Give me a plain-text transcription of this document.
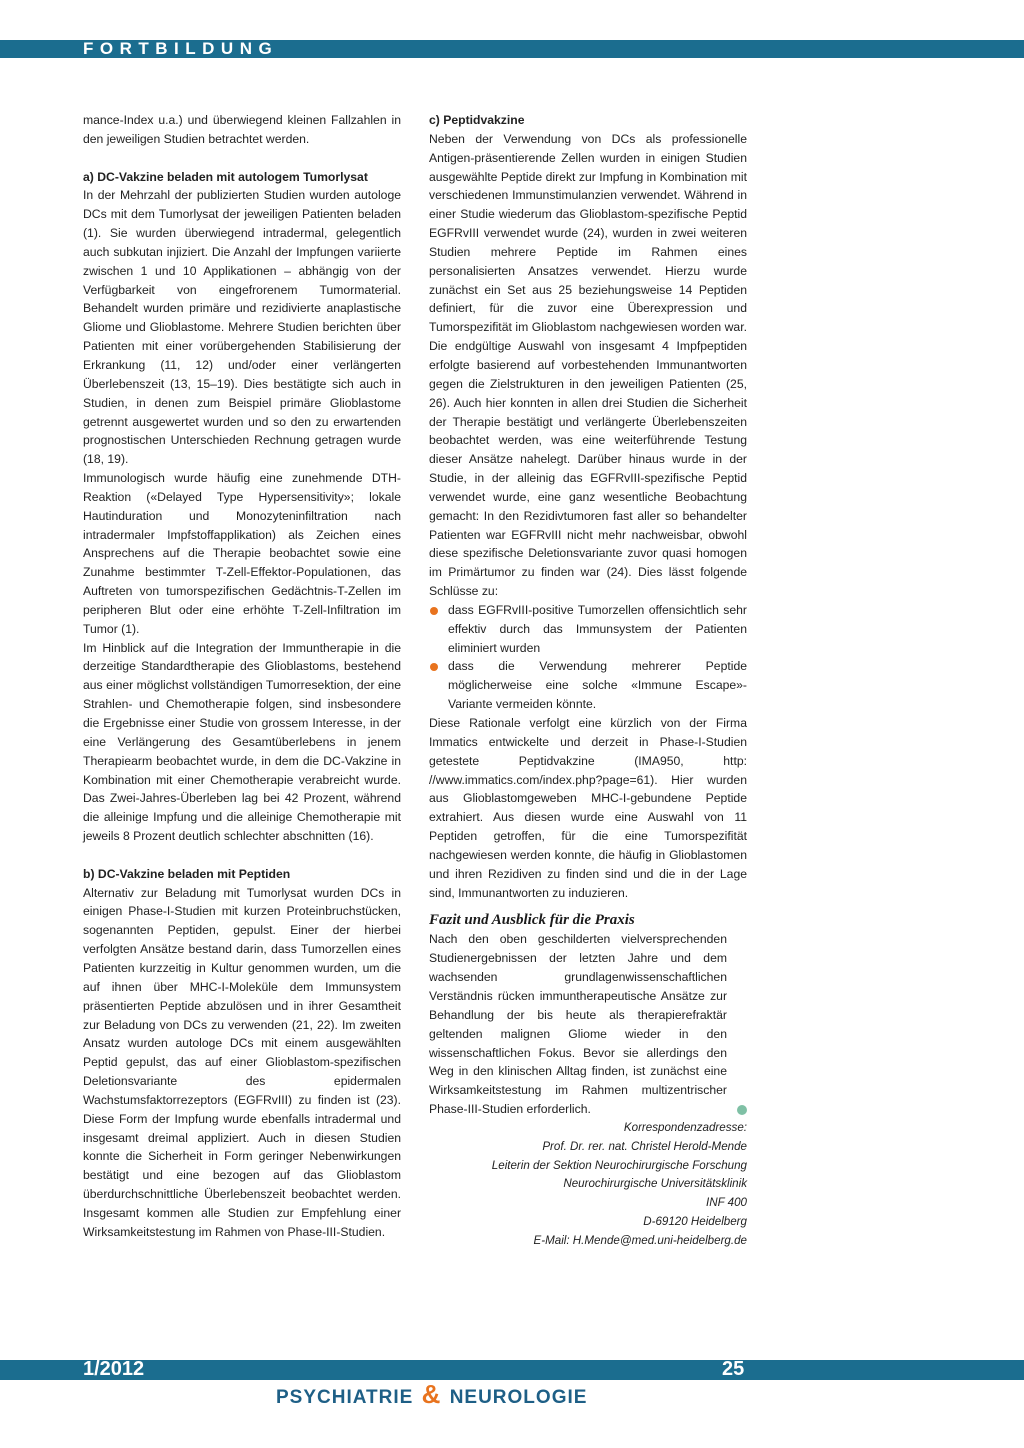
FORTBILDUNG

mance-Index u.a.) und überwiegend kleinen Fallzahlen in den jeweiligen Studien betrachtet werden.

a) DC-Vakzine beladen mit autologem Tumorlysat

In der Mehrzahl der publizierten Studien wurden autologe DCs mit dem Tumorlysat der jeweiligen Patienten beladen (1). Sie wurden überwiegend intradermal, gelegentlich auch subkutan injiziert. Die Anzahl der Impfungen variierte zwischen 1 und 10 Applikationen – abhängig von der Verfügbarkeit von eingefrorenem Tumormaterial. Behandelt wurden primäre und rezidivierte anaplastische Gliome und Glioblastome. Mehrere Studien berichten über Patienten mit einer vorübergehenden Stabilisierung der Erkrankung (11, 12) und/oder einer verlängerten Überlebenszeit (13, 15–19). Dies bestätigte sich auch in Studien, in denen zum Beispiel primäre Glioblastome getrennt ausgewertet wurden und so den zu erwartenden prognostischen Unterschieden Rechnung getragen wurde (18, 19).

Immunologisch wurde häufig eine zunehmende DTH-Reaktion («Delayed Type Hypersensitivity»; lokale Hautinduration und Monozyteninfiltration nach intradermaler Impfstoffapplikation) als Zeichen eines Ansprechens auf die Therapie beobachtet sowie eine Zunahme bestimmter T-Zell-Effektor-Populationen, das Auftreten von tumorspezifischen Gedächtnis-T-Zellen im peripheren Blut oder eine erhöhte T-Zell-Infiltration im Tumor (1).

Im Hinblick auf die Integration der Immuntherapie in die derzeitige Standardtherapie des Glioblastoms, bestehend aus einer möglichst vollständigen Tumorresektion, der eine Strahlen- und Chemotherapie folgen, sind insbesondere die Ergebnisse einer Studie von grossem Interesse, in der eine Verlängerung des Gesamtüberlebens in jenem Therapiearm beobachtet wurde, in dem die DC-Vakzine in Kombination mit einer Chemotherapie verabreicht wurde. Das Zwei-Jahres-Überleben lag bei 42 Prozent, während die alleinige Impfung und die alleinige Chemotherapie mit jeweils 8 Prozent deutlich schlechter abschnitten (16).

b) DC-Vakzine beladen mit Peptiden

Alternativ zur Beladung mit Tumorlysat wurden DCs in einigen Phase-I-Studien mit kurzen Proteinbruchstücken, sogenannten Peptiden, gepulst. Einer der hierbei verfolgten Ansätze bestand darin, dass Tumorzellen eines Patienten kurzzeitig in Kultur genommen wurden, um die auf ihnen über MHC-I-Moleküle dem Immunsystem präsentierten Peptide abzulösen und in ihrer Gesamtheit zur Beladung von DCs zu verwenden (21, 22). Im zweiten Ansatz wurden autologe DCs mit einem ausgewählten Peptid gepulst, das auf einer Glioblastom-spezifischen Deletionsvariante des epidermalen Wachstumsfaktorrezeptors (EGFRvIII) zu finden ist (23). Diese Form der Impfung wurde ebenfalls intradermal und insgesamt dreimal appliziert. Auch in diesen Studien konnte die Sicherheit in Form geringer Nebenwirkungen bestätigt und eine bezogen auf das Glioblastom überdurchschnittliche Überlebenszeit beobachtet werden. Insgesamt kommen alle Studien zur Empfehlung einer Wirksamkeitstestung im Rahmen von Phase-III-Studien.

c) Peptidvakzine

Neben der Verwendung von DCs als professionelle Antigen-präsentierende Zellen wurden in einigen Studien ausgewählte Peptide direkt zur Impfung in Kombination mit verschiedenen Immunstimulanzien verwendet. Während in einer Studie wiederum das Glioblastom-spezifische Peptid EGFRvIII verwendet wurde (24), wurden in zwei weiteren Studien mehrere Peptide im Rahmen eines personalisierten Ansatzes verwendet. Hierzu wurde zunächst ein Set aus 25 beziehungsweise 14 Peptiden definiert, für die zuvor eine Überexpression und Tumorspezifität im Glioblastom nachgewiesen worden war. Die endgültige Auswahl von insgesamt 4 Impfpeptiden erfolgte basierend auf vorbestehenden Immunantworten gegen die Zielstrukturen in den jeweiligen Patienten (25, 26). Auch hier konnten in allen drei Studien die Sicherheit der Therapie bestätigt und verlängerte Überlebenszeiten beobachtet werden, was eine weiterführende Testung dieser Ansätze nahelegt. Darüber hinaus wurde in der Studie, in der alleinig das EGFRvIII-spezifische Peptid verwendet wurde, eine ganz wesentliche Beobachtung gemacht: In den Rezidivtumoren fast aller so behandelter Patienten war EGFRvIII nicht mehr nachweisbar, obwohl diese spezifische Deletionsvariante zuvor quasi homogen im Primärtumor zu finden war (24). Dies lässt folgende Schlüsse zu:

dass EGFRvIII-positive Tumorzellen offensichtlich sehr effektiv durch das Immunsystem der Patienten eliminiert wurden
dass die Verwendung mehrerer Peptide möglicherweise eine solche «Immune Escape»-Variante vermeiden könnte.

Diese Rationale verfolgt eine kürzlich von der Firma Immatics entwickelte und derzeit in Phase-I-Studien getestete Peptidvakzine (IMA950, http: //www.immatics.com/index.php?page=61). Hier wurden aus Glioblastomgeweben MHC-I-gebundene Peptide extrahiert. Aus diesen wurde eine Auswahl von 11 Peptiden getroffen, für die eine Tumorspezifität nachgewiesen werden konnte, die häufig in Glioblastomen und ihren Rezidiven zu finden sind und die in der Lage sind, Immunantworten zu induzieren.

Fazit und Ausblick für die Praxis

Nach den oben geschilderten vielversprechenden Studienergebnissen der letzten Jahre und dem wachsenden grundlagenwissenschaftlichen Verständnis rücken immuntherapeutische Ansätze zur Behandlung der bis heute als therapierefraktär geltenden malignen Gliome wieder in den wissenschaftlichen Fokus. Bevor sie allerdings den Weg in den klinischen Alltag finden, ist zunächst eine Wirksamkeitstestung im Rahmen multizentrischer Phase-III-Studien erforderlich.

Korrespondenzadresse:
Prof. Dr. rer. nat. Christel Herold-Mende
Leiterin der Sektion Neurochirurgische Forschung
Neurochirurgische Universitätsklinik
INF 400
D-69120 Heidelberg
E-Mail: H.Mende@med.uni-heidelberg.de
1/2012	25
PSYCHIATRIE & NEUROLOGIE
